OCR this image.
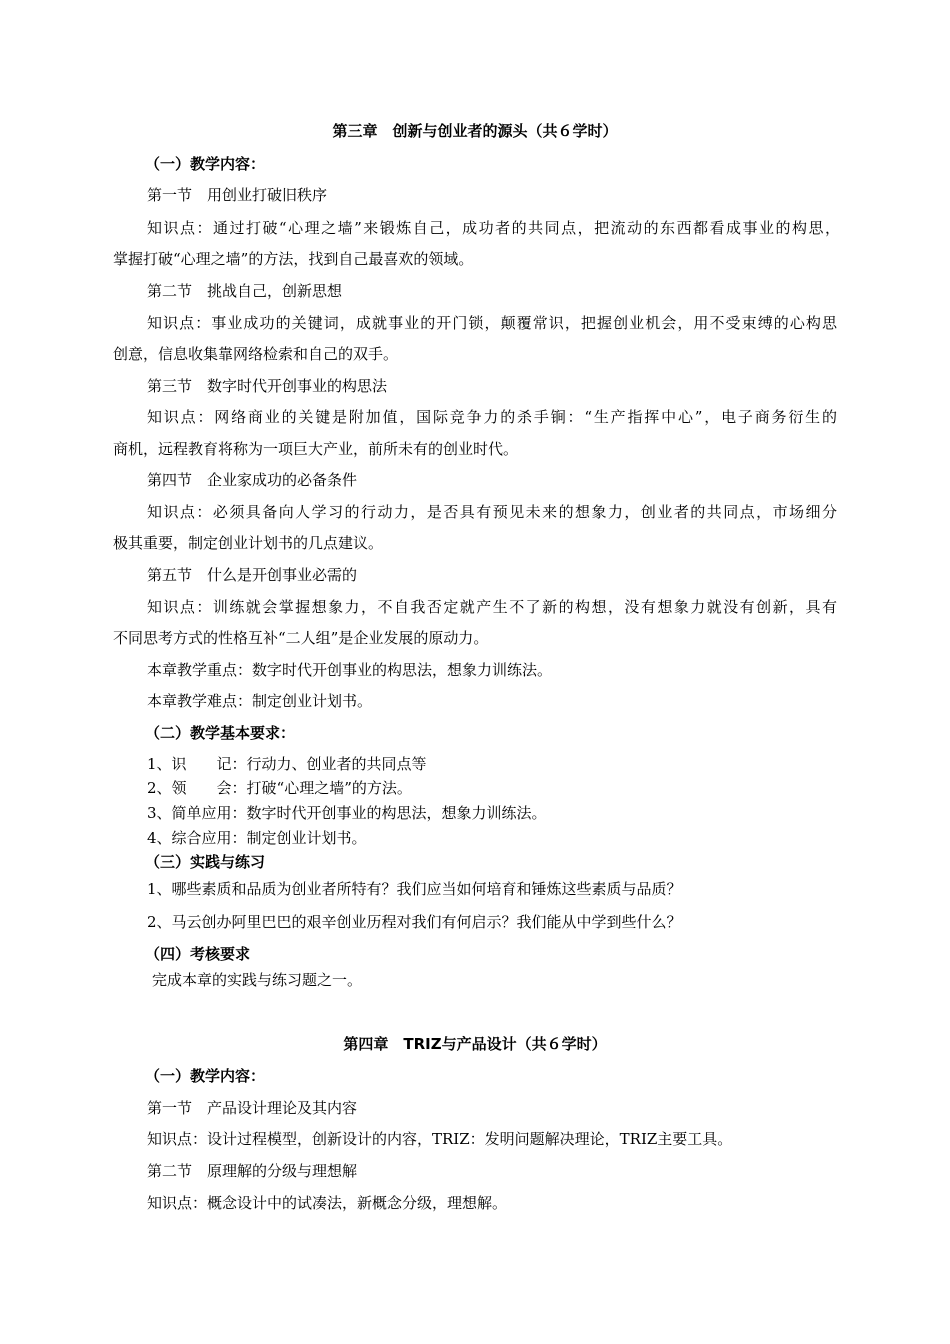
第三章　创新与创业者的源头（共６学时）
（一）教学内容：
第一节　用创业打破旧秩序
知识点：通过打破“心理之墙”来锻炼自己，成功者的共同点，把流动的东西都看成事业的构思，
掌握打破“心理之墙”的方法，找到自己最喜欢的领域。
第二节　挑战自己，创新思想
知识点：事业成功的关键词，成就事业的开门锁，颠覆常识，把握创业机会，用不受束缚的心构思
创意，信息收集靠网络检索和自己的双手。
第三节　数字时代开创事业的构思法
知识点：网络商业的关键是附加值，国际竞争力的杀手锏：“生产指挥中心”，电子商务衍生的
商机，远程教育将称为一项巨大产业，前所未有的创业时代。
第四节　企业家成功的必备条件
知识点：必须具备向人学习的行动力，是否具有预见未来的想象力，创业者的共同点，市场细分
极其重要，制定创业计划书的几点建议。
第五节　什么是开创事业必需的
知识点：训练就会掌握想象力，不自我否定就产生不了新的构想，没有想象力就没有创新，具有
不同思考方式的性格互补“二人组”是企业发展的原动力。
本章教学重点：数字时代开创事业的构思法，想象力训练法。
本章教学难点：制定创业计划书。
（二）教学基本要求：
1、识　　记：行动力、创业者的共同点等
2、领　　会：打破“心理之墙”的方法。
3、简单应用：数字时代开创事业的构思法，想象力训练法。
4、综合应用：制定创业计划书。
（三）实践与练习
1、哪些素质和品质为创业者所特有？我们应当如何培育和锤炼这些素质与品质？
2、马云创办阿里巴巴的艰辛创业历程对我们有何启示？我们能从中学到些什么？
（四）考核要求
完成本章的实践与练习题之一。
第四章　TRIZ与产品设计（共６学时）
（一）教学内容：
第一节　产品设计理论及其内容
知识点：设计过程模型，创新设计的内容，TRIZ：发明问题解决理论，TRIZ主要工具。
第二节　原理解的分级与理想解
知识点：概念设计中的试凑法，新概念分级，理想解。
